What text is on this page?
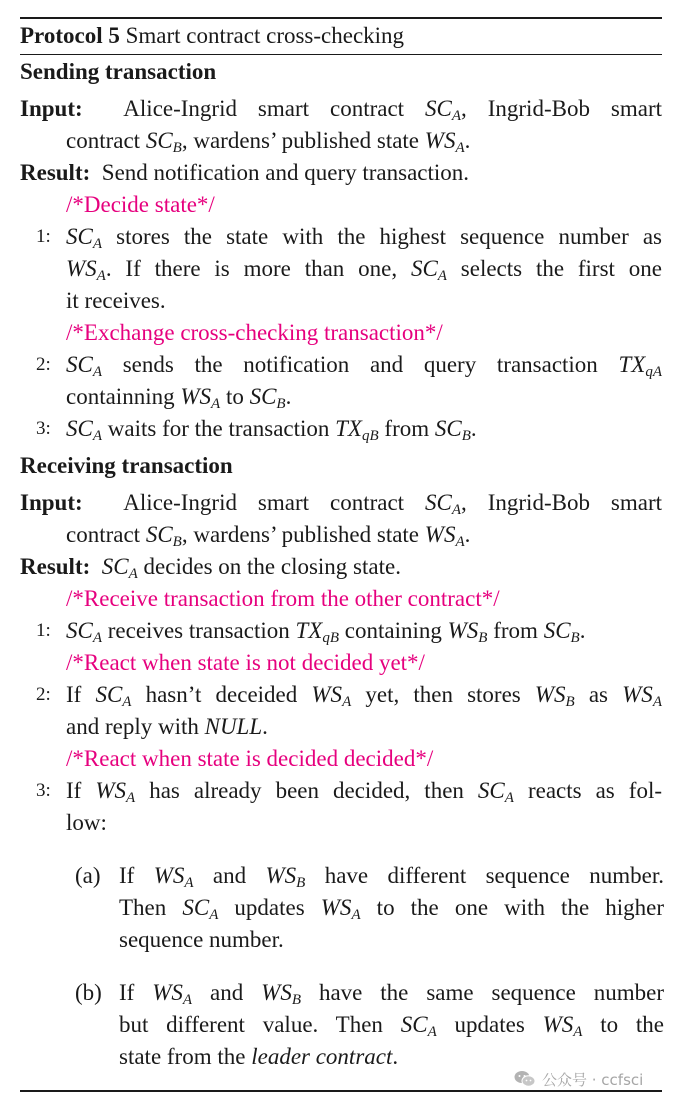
Protocol 5 Smart contract cross-checking
Sending transaction
Input:  Alice-Ingrid smart contract $SC_A$, Ingrid-Bob smart
contract $SC_B$, wardens’ published state $WS_A$.
Result: Send notification and query transaction.
/*Decide state*/
1: $SC_A$ stores the state with the highest sequence number as
$WS_A$. If there is more than one, $SC_A$ selects the first one
it receives.
/*Exchange cross-checking transaction*/
2: $SC_A$ sends the notification and query transaction $TX_{qA}$
containning $WS_A$ to $SC_B$.
3: $SC_A$ waits for the transaction $TX_{qB}$ from $SC_B$.
Receiving transaction
Input:  Alice-Ingrid smart contract $SC_A$, Ingrid-Bob smart
contract $SC_B$, wardens’ published state $WS_A$.
Result: $SC_A$ decides on the closing state.
/*Receive transaction from the other contract*/
1: $SC_A$ receives transaction $TX_{qB}$ containing $WS_B$ from $SC_B$.
/*React when state is not decided yet*/
2: If $SC_A$ hasn’t deceided $WS_A$ yet, then stores $WS_B$ as $WS_A$
and reply with NULL.
/*React when state is decided decided*/
3: If $WS_A$ has already been decided, then $SC_A$ reacts as fol-
low:
(a) If $WS_A$ and $WS_B$ have different sequence number.
Then $SC_A$ updates $WS_A$ to the one with the higher
sequence number.
(b) If $WS_A$ and $WS_B$ have the same sequence number
but different value. Then $SC_A$ updates $WS_A$ to the
state from the leader contract.
公众号 · ccfsci
